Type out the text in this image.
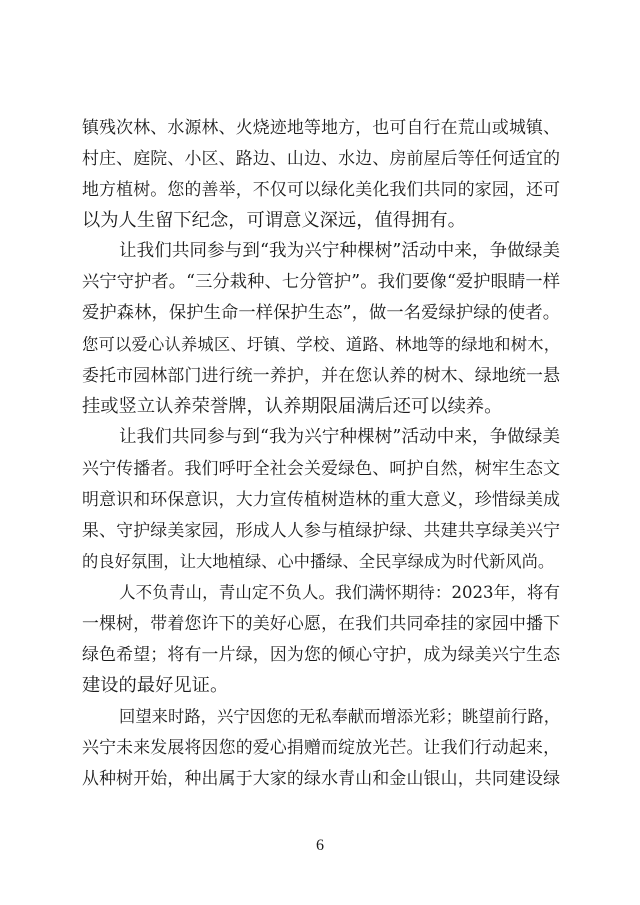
镇残次林、水源林、火烧迹地等地方，也可自行在荒山或城镇、
村庄、庭院、小区、路边、山边、水边、房前屋后等任何适宜的
地方植树。您的善举，不仅可以绿化美化我们共同的家园，还可
以为人生留下纪念，可谓意义深远，值得拥有。
让我们共同参与到“我为兴宁种棵树”活动中来，争做绿美
兴宁守护者。“三分栽种、七分管护”。我们要像“爱护眼睛一样
爱护森林，保护生命一样保护生态”，做一名爱绿护绿的使者。
您可以爱心认养城区、圩镇、学校、道路、林地等的绿地和树木，
委托市园林部门进行统一养护，并在您认养的树木、绿地统一悬
挂或竖立认养荣誉牌，认养期限届满后还可以续养。
让我们共同参与到“我为兴宁种棵树”活动中来，争做绿美
兴宁传播者。我们呼吁全社会关爱绿色、呵护自然，树牢生态文
明意识和环保意识，大力宣传植树造林的重大意义，珍惜绿美成
果、守护绿美家园，形成人人参与植绿护绿、共建共享绿美兴宁
的良好氛围，让大地植绿、心中播绿、全民享绿成为时代新风尚。
人不负青山，青山定不负人。我们满怀期待：2023年，将有
一棵树，带着您许下的美好心愿，在我们共同牵挂的家园中播下
绿色希望；将有一片绿，因为您的倾心守护，成为绿美兴宁生态
建设的最好见证。
回望来时路，兴宁因您的无私奉献而增添光彩；眺望前行路，
兴宁未来发展将因您的爱心捐赠而绽放光芒。让我们行动起来，
从种树开始，种出属于大家的绿水青山和金山银山，共同建设绿
6
